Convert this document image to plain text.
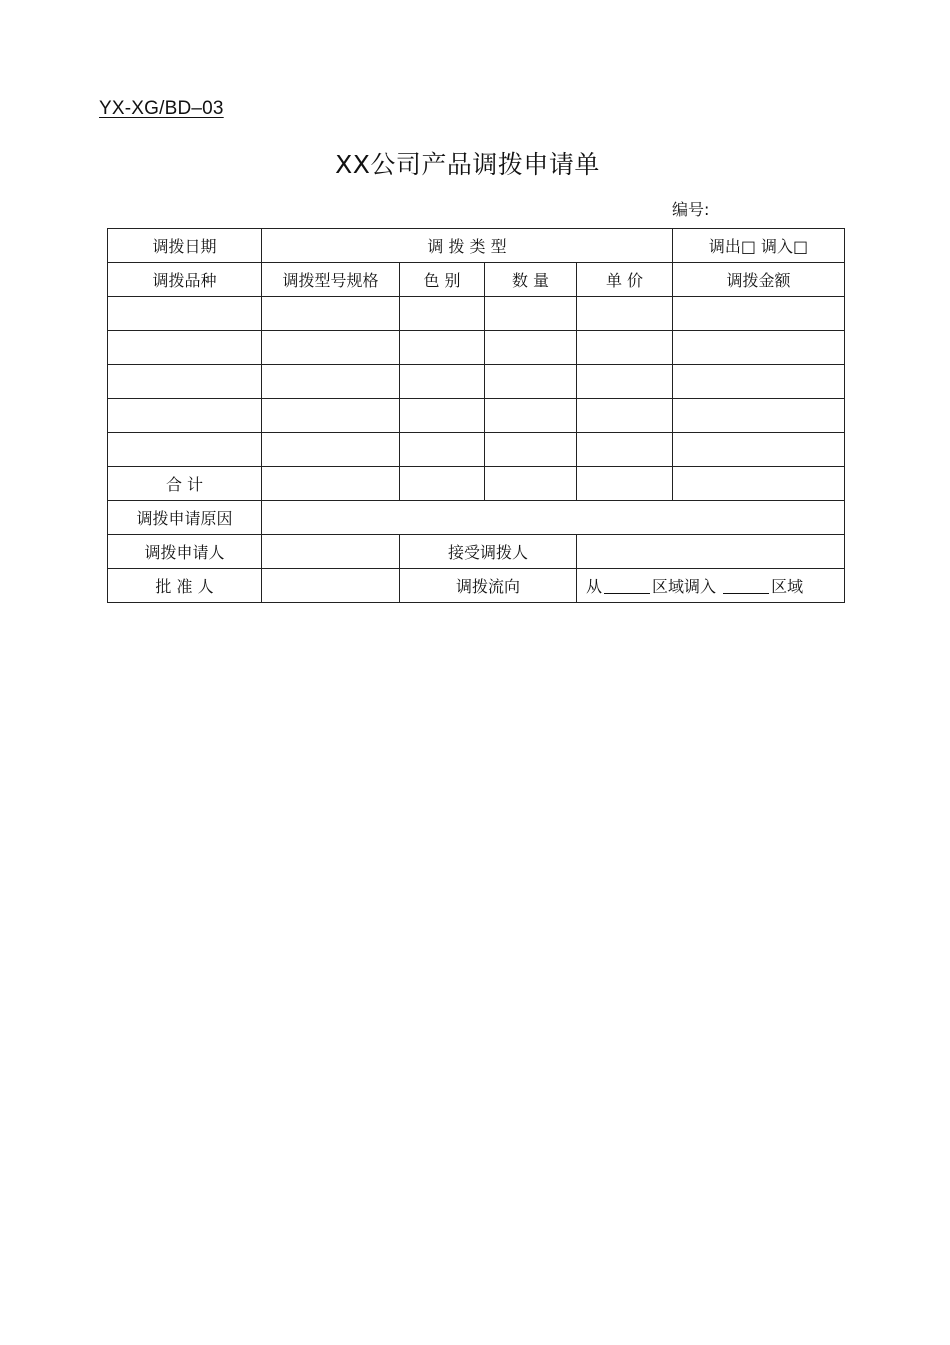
YX-XG/BD–03
XX公司产品调拨申请单
编号:
调拨日期	调 拨 类 型				调出□ 调入□
调拨品种	调拨型号规格	色 别	数 量	单 价	调拨金额

合 计					
调拨申请原因					
调拨申请人		接受调拨人			
批 准 人		调拨流向		从 区域调入 区域	
